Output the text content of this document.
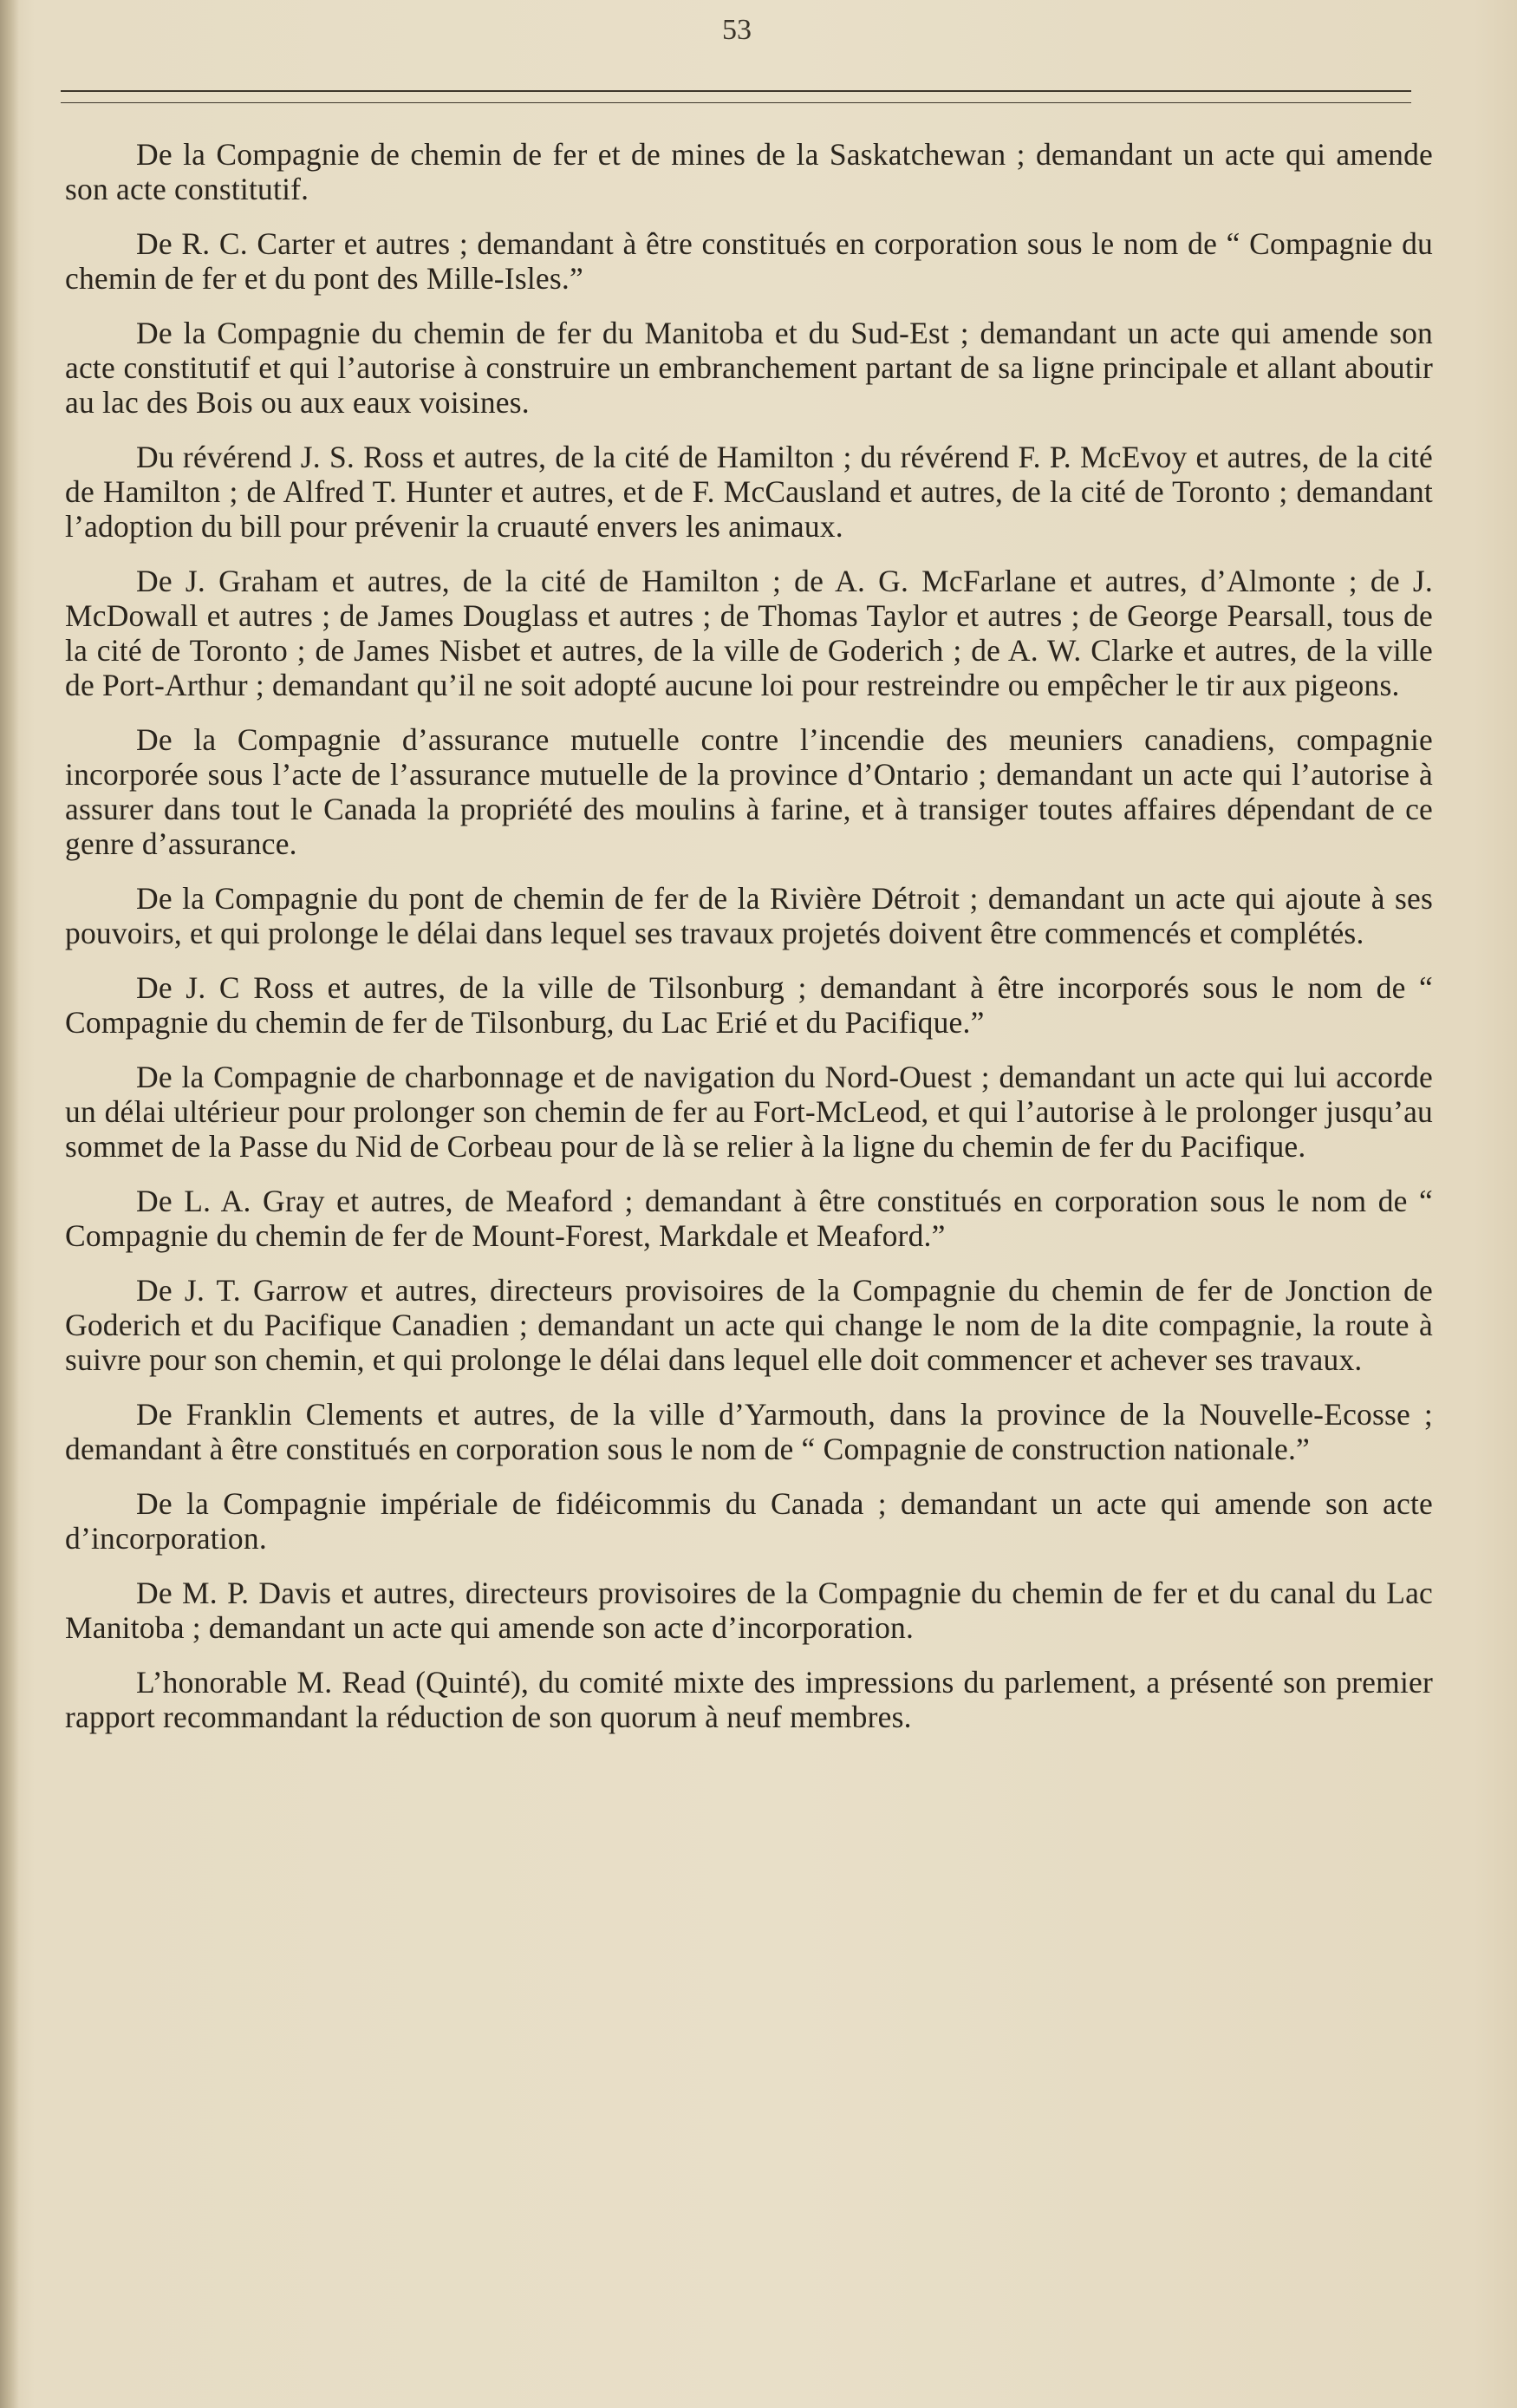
53

De la Compagnie de chemin de fer et de mines de la Saskatchewan ; demandant un acte qui amende son acte constitutif.

De R. C. Carter et autres ; demandant à être constitués en corporation sous le nom de “ Compagnie du chemin de fer et du pont des Mille-Isles.”

De la Compagnie du chemin de fer du Manitoba et du Sud-Est ; demandant un acte qui amende son acte constitutif et qui l’autorise à construire un embranchement partant de sa ligne principale et allant aboutir au lac des Bois ou aux eaux voisines.

Du révérend J. S. Ross et autres, de la cité de Hamilton ; du révérend F. P. McEvoy et autres, de la cité de Hamilton ; de Alfred T. Hunter et autres, et de F. McCausland et autres, de la cité de Toronto ; demandant l’adoption du bill pour prévenir la cruauté envers les animaux.

De J. Graham et autres, de la cité de Hamilton ; de A. G. McFarlane et autres, d’Almonte ; de J. McDowall et autres ; de James Douglass et autres ; de Thomas Taylor et autres ; de George Pearsall, tous de la cité de Toronto ; de James Nisbet et autres, de la ville de Goderich ; de A. W. Clarke et autres, de la ville de Port-Arthur ; demandant qu’il ne soit adopté aucune loi pour restreindre ou empêcher le tir aux pigeons.

De la Compagnie d’assurance mutuelle contre l’incendie des meuniers canadiens, compagnie incorporée sous l’acte de l’assurance mutuelle de la province d’Ontario ; demandant un acte qui l’autorise à assurer dans tout le Canada la propriété des moulins à farine, et à transiger toutes affaires dépendant de ce genre d’assurance.

De la Compagnie du pont de chemin de fer de la Rivière Détroit ; demandant un acte qui ajoute à ses pouvoirs, et qui prolonge le délai dans lequel ses travaux projetés doivent être commencés et complétés.

De J. C Ross et autres, de la ville de Tilsonburg ; demandant à être incorporés sous le nom de “ Compagnie du chemin de fer de Tilsonburg, du Lac Erié et du Pacifique.”

De la Compagnie de charbonnage et de navigation du Nord-Ouest ; demandant un acte qui lui accorde un délai ultérieur pour prolonger son chemin de fer au Fort-McLeod, et qui l’autorise à le prolonger jusqu’au sommet de la Passe du Nid de Corbeau pour de là se relier à la ligne du chemin de fer du Pacifique.

De L. A. Gray et autres, de Meaford ; demandant à être constitués en corporation sous le nom de “ Compagnie du chemin de fer de Mount-Forest, Markdale et Meaford.”

De J. T. Garrow et autres, directeurs provisoires de la Compagnie du chemin de fer de Jonction de Goderich et du Pacifique Canadien ; demandant un acte qui change le nom de la dite compagnie, la route à suivre pour son chemin, et qui prolonge le délai dans lequel elle doit commencer et achever ses travaux.

De Franklin Clements et autres, de la ville d’Yarmouth, dans la province de la Nouvelle-Ecosse ; demandant à être constitués en corporation sous le nom de “ Compagnie de construction nationale.”

De la Compagnie impériale de fidéicommis du Canada ; demandant un acte qui amende son acte d’incorporation.

De M. P. Davis et autres, directeurs provisoires de la Compagnie du chemin de fer et du canal du Lac Manitoba ; demandant un acte qui amende son acte d’incorporation.

L’honorable M. Read (Quinté), du comité mixte des impressions du parlement, a présenté son premier rapport recommandant la réduction de son quorum à neuf membres.
